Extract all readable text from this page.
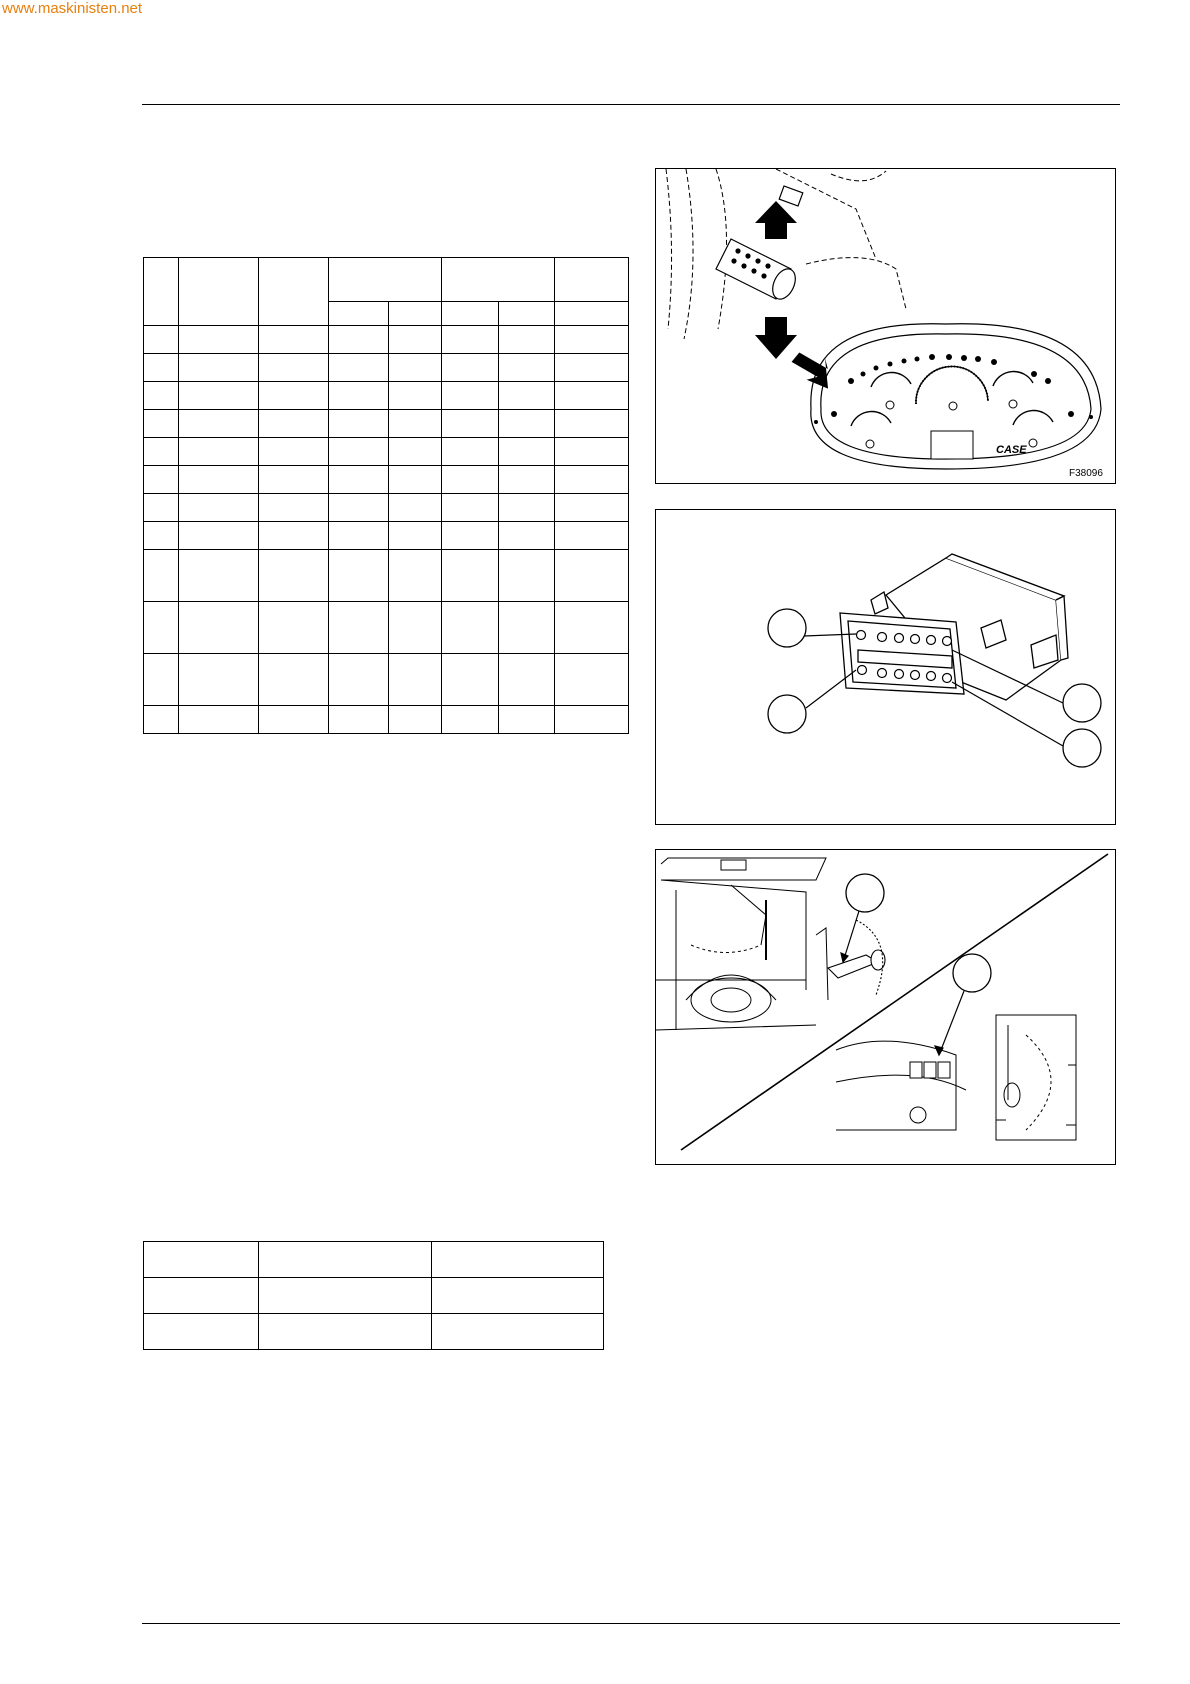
www.maskinisten.net

CASE
F38096
